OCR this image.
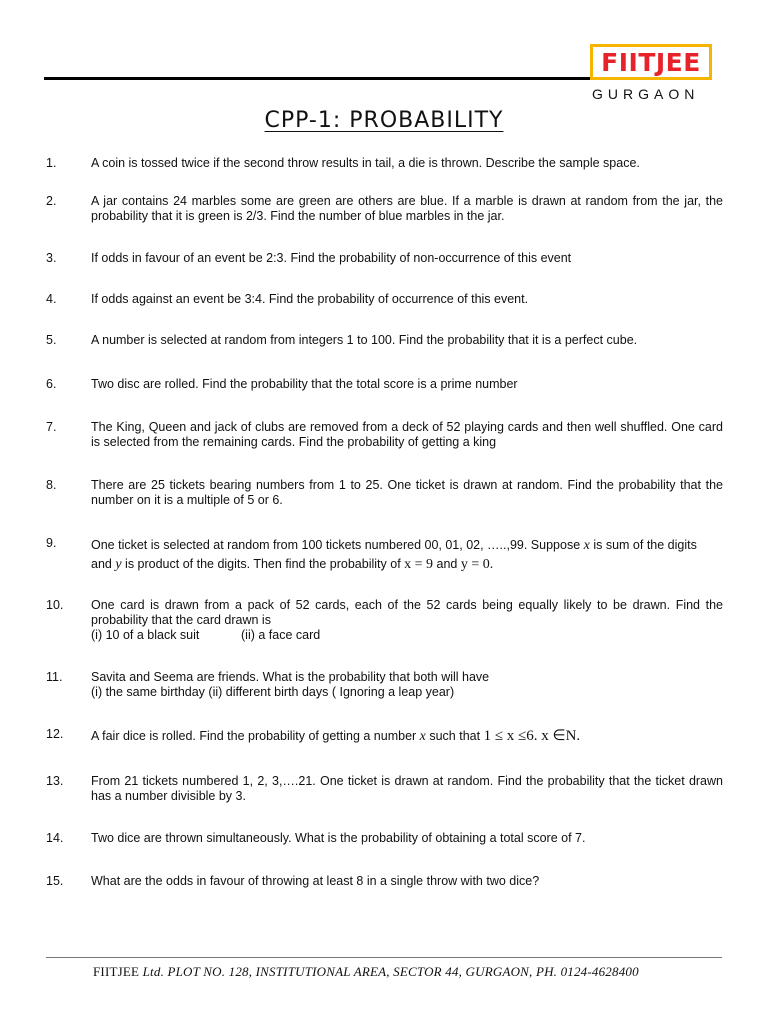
FIITJEE
GURGAON
CPP-1: PROBABILITY
1.	A coin is tossed twice if the second throw results in tail, a die is thrown. Describe the sample space.
2.	A jar contains 24 marbles some are green are others are blue. If a marble is drawn at random from the jar, the probability that it is green is 2/3. Find the number of blue marbles in the jar.
3.	If odds in favour of an event be 2:3. Find the probability of non-occurrence of this event
4.	If odds against an event be 3:4. Find the probability of occurrence of this event.
5.	A number is selected at random from integers 1 to 100. Find the probability that it is a perfect cube.
6.	Two disc are rolled. Find the probability that the total score is a prime number
7.	The King, Queen and jack of clubs are removed from a deck of 52 playing cards and then well shuffled. One card is selected from the remaining cards. Find the probability of getting a king
8.	There are 25 tickets bearing numbers from 1 to 25. One ticket is drawn at random. Find the probability that the number on it is a multiple of 5 or 6.
9.	One ticket is selected at random from 100 tickets numbered 00, 01, 02, …..,99. Suppose x is sum of the digits
and y is product of the digits. Then find the probability of x = 9 and y = 0.
10. One card is drawn from a pack of 52 cards, each of the 52 cards being equally likely to be drawn. Find the probability that the card drawn is
(i) 10 of a black suit	(ii) a face card
11. Savita and Seema are friends. What is the probability that both will have
(i) the same birthday (ii) different birth days ( Ignoring a leap year)
12. A fair dice is rolled. Find the probability of getting a number x such that 1 ≤ x ≤6. x ∈N.
13. From 21 tickets numbered 1, 2, 3,….21. One ticket is drawn at random. Find the probability that the ticket drawn has a number divisible by 3.
14. Two dice are thrown simultaneously. What is the probability of obtaining a total score of 7.
15. What are the odds in favour of throwing at least 8 in a single throw with two dice?
FIITJEE Ltd. PLOT NO. 128, INSTITUTIONAL AREA, SECTOR 44, GURGAON, PH. 0124-4628400
